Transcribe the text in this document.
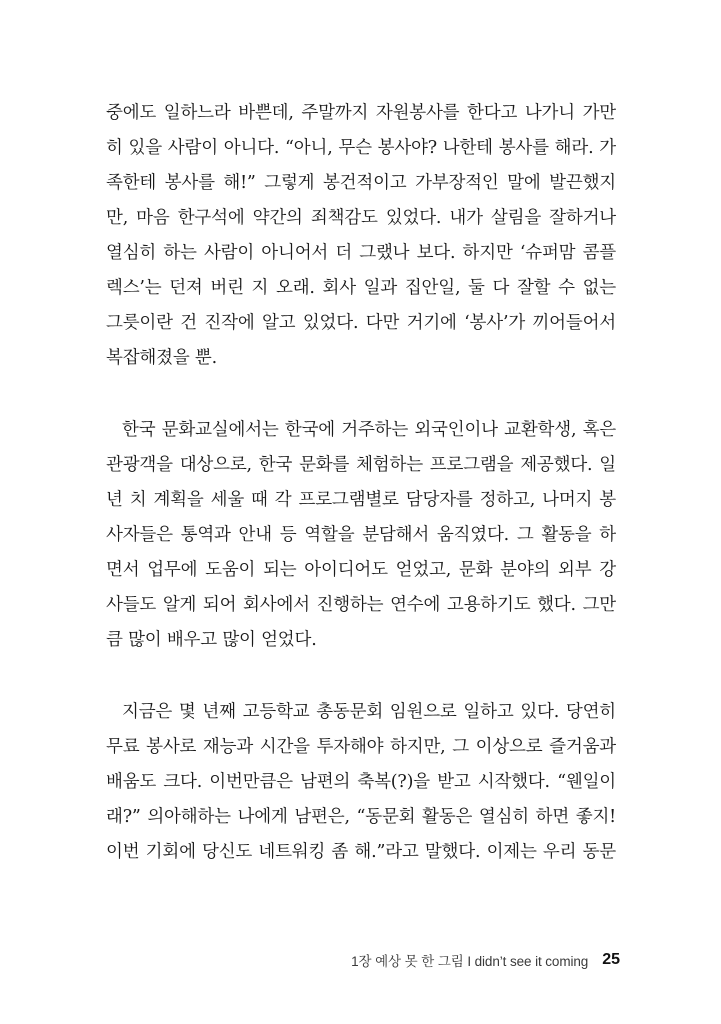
중에도 일하느라 바쁜데, 주말까지 자원봉사를 한다고 나가니 가만
히 있을 사람이 아니다. “아니, 무슨 봉사야? 나한테 봉사를 해라. 가
족한테 봉사를 해!” 그렇게 봉건적이고 가부장적인 말에 발끈했지
만, 마음 한구석에 약간의 죄책감도 있었다. 내가 살림을 잘하거나
열심히 하는 사람이 아니어서 더 그랬나 보다. 하지만 ‘슈퍼맘 콤플
렉스’는 던져 버린 지 오래. 회사 일과 집안일, 둘 다 잘할 수 없는
그릇이란 건 진작에 알고 있었다. 다만 거기에 ‘봉사’가 끼어들어서
복잡해졌을 뿐.
한국 문화교실에서는 한국에 거주하는 외국인이나 교환학생, 혹은
관광객을 대상으로, 한국 문화를 체험하는 프로그램을 제공했다. 일
년 치 계획을 세울 때 각 프로그램별로 담당자를 정하고, 나머지 봉
사자들은 통역과 안내 등 역할을 분담해서 움직였다. 그 활동을 하
면서 업무에 도움이 되는 아이디어도 얻었고, 문화 분야의 외부 강
사들도 알게 되어 회사에서 진행하는 연수에 고용하기도 했다. 그만
큼 많이 배우고 많이 얻었다.
지금은 몇 년째 고등학교 총동문회 임원으로 일하고 있다. 당연히
무료 봉사로 재능과 시간을 투자해야 하지만, 그 이상으로 즐거움과
배움도 크다. 이번만큼은 남편의 축복(?)을 받고 시작했다. “웬일이
래?” 의아해하는 나에게 남편은, “동문회 활동은 열심히 하면 좋지!
이번 기회에 당신도 네트워킹 좀 해.”라고 말했다. 이제는 우리 동문
1장 예상 못 한 그림 I didn’t see it coming 25
